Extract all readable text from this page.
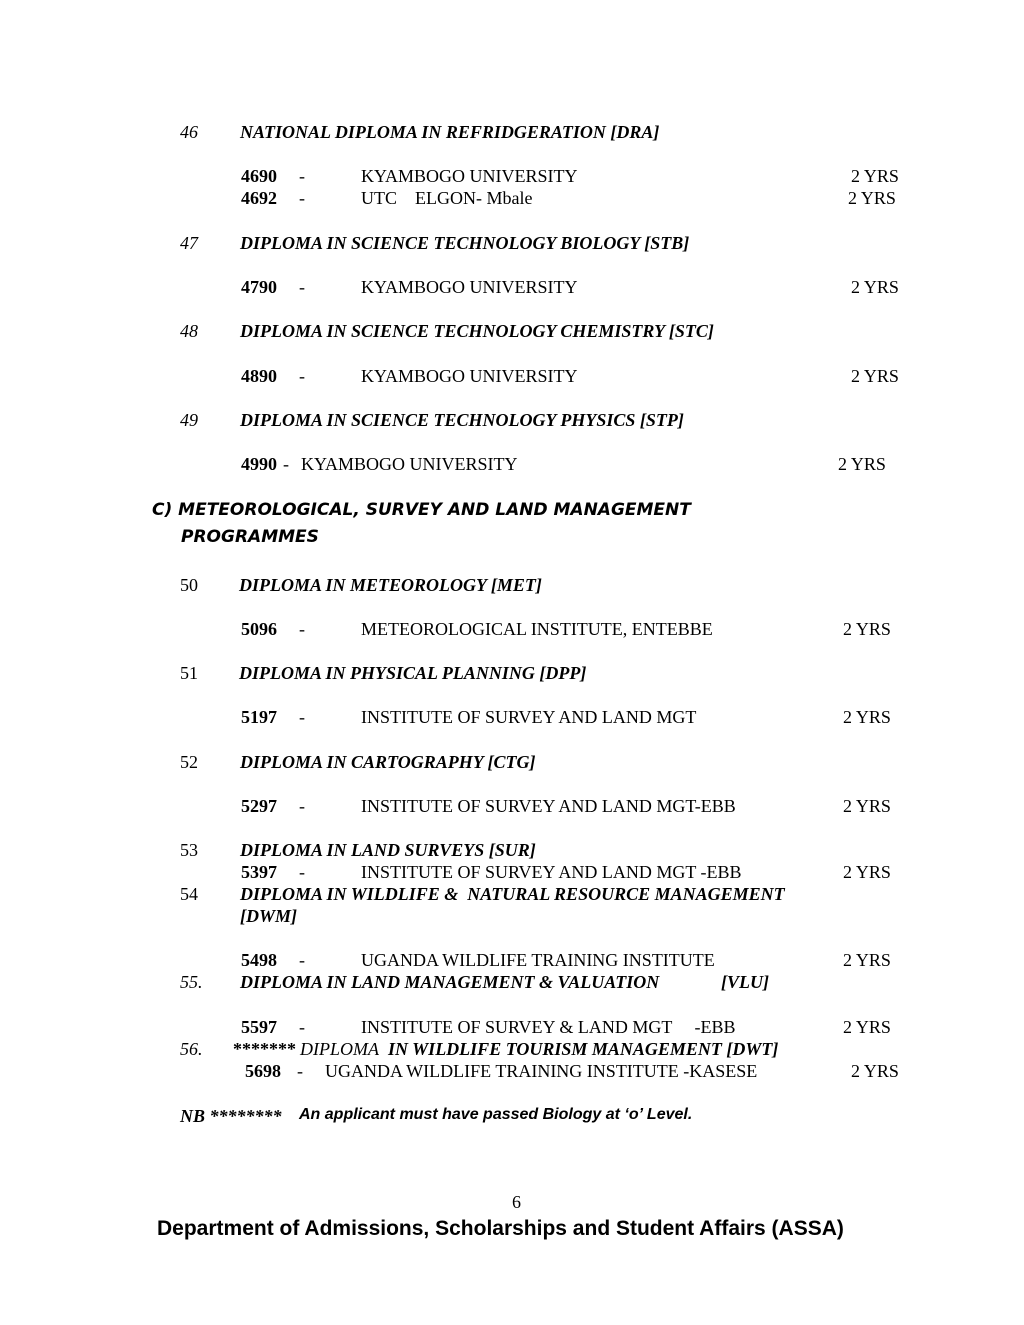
46 NATIONAL DIPLOMA IN REFRIDGERATION [DRA]
4690 -	KYAMBOGO UNIVERSITY	2 YRS
4692 -	UTC    ELGON- Mbale	2 YRS
47 DIPLOMA IN SCIENCE TECHNOLOGY BIOLOGY [STB]
4790 -	KYAMBOGO UNIVERSITY	2 YRS
48 DIPLOMA IN SCIENCE TECHNOLOGY CHEMISTRY [STC]
4890 -	KYAMBOGO UNIVERSITY	2 YRS
49 DIPLOMA IN SCIENCE TECHNOLOGY PHYSICS [STP]
4990 - KYAMBOGO UNIVERSITY	2 YRS
C) METEOROLOGICAL, SURVEY AND LAND MANAGEMENT
PROGRAMMES
50 DIPLOMA IN METEOROLOGY [MET]
5096 -	METEOROLOGICAL INSTITUTE, ENTEBBE	2 YRS
51 DIPLOMA IN PHYSICAL PLANNING [DPP]
5197 -	INSTITUTE OF SURVEY AND LAND MGT	2 YRS
52 DIPLOMA IN CARTOGRAPHY [CTG]
5297 -	INSTITUTE OF SURVEY AND LAND MGT-EBB	2 YRS
53 DIPLOMA IN LAND SURVEYS [SUR]
5397 -	INSTITUTE OF SURVEY AND LAND MGT -EBB	2 YRS
54 DIPLOMA IN WILDLIFE &  NATURAL RESOURCE MANAGEMENT
[DWM]
5498 -	UGANDA WILDLIFE TRAINING INSTITUTE	2 YRS
55. DIPLOMA IN LAND MANAGEMENT & VALUATION	[VLU]
5597 -	INSTITUTE OF SURVEY & LAND MGT     -EBB	2 YRS
56. ******* DIPLOMA IN WILDLIFE TOURISM MANAGEMENT [DWT]
5698 - UGANDA WILDLIFE TRAINING INSTITUTE -KASESE	2 YRS
NB ******** An applicant must have passed Biology at ‘o’ Level.
6
Department of Admissions, Scholarships and Student Affairs (ASSA)
